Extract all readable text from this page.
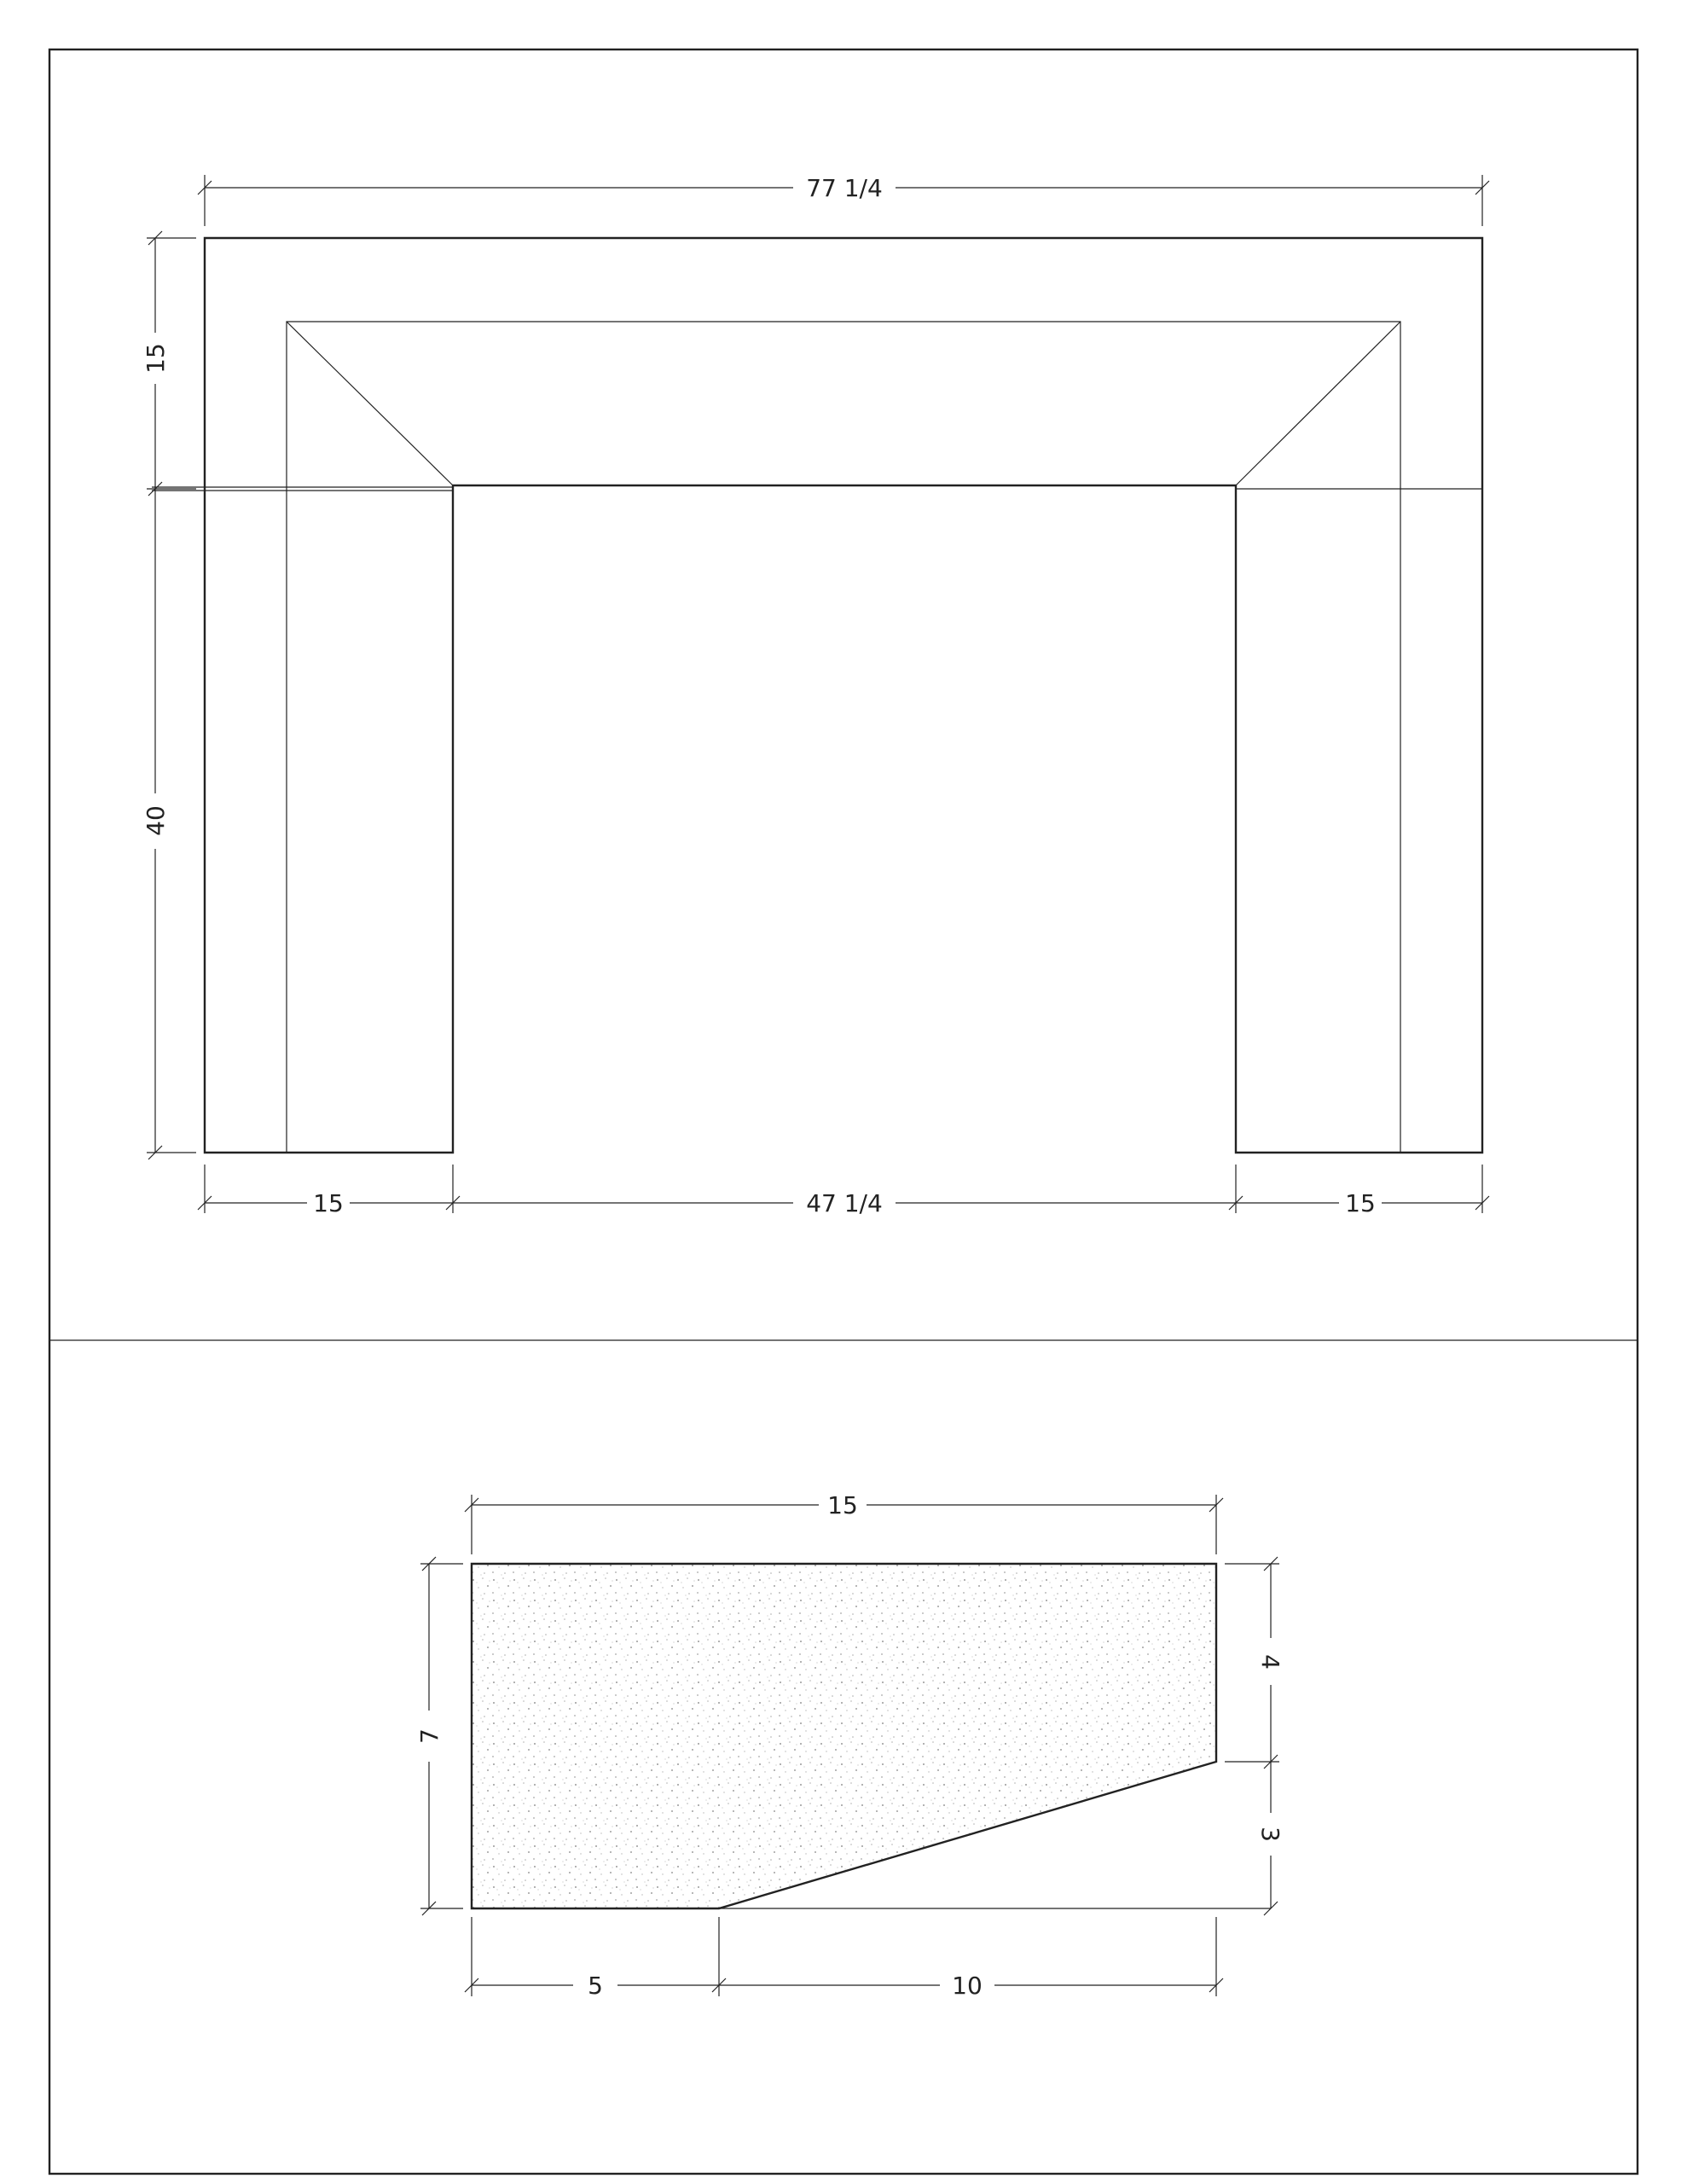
77 1/4
15
40
15	47 1/4	15
15
7
4
3
5	10
